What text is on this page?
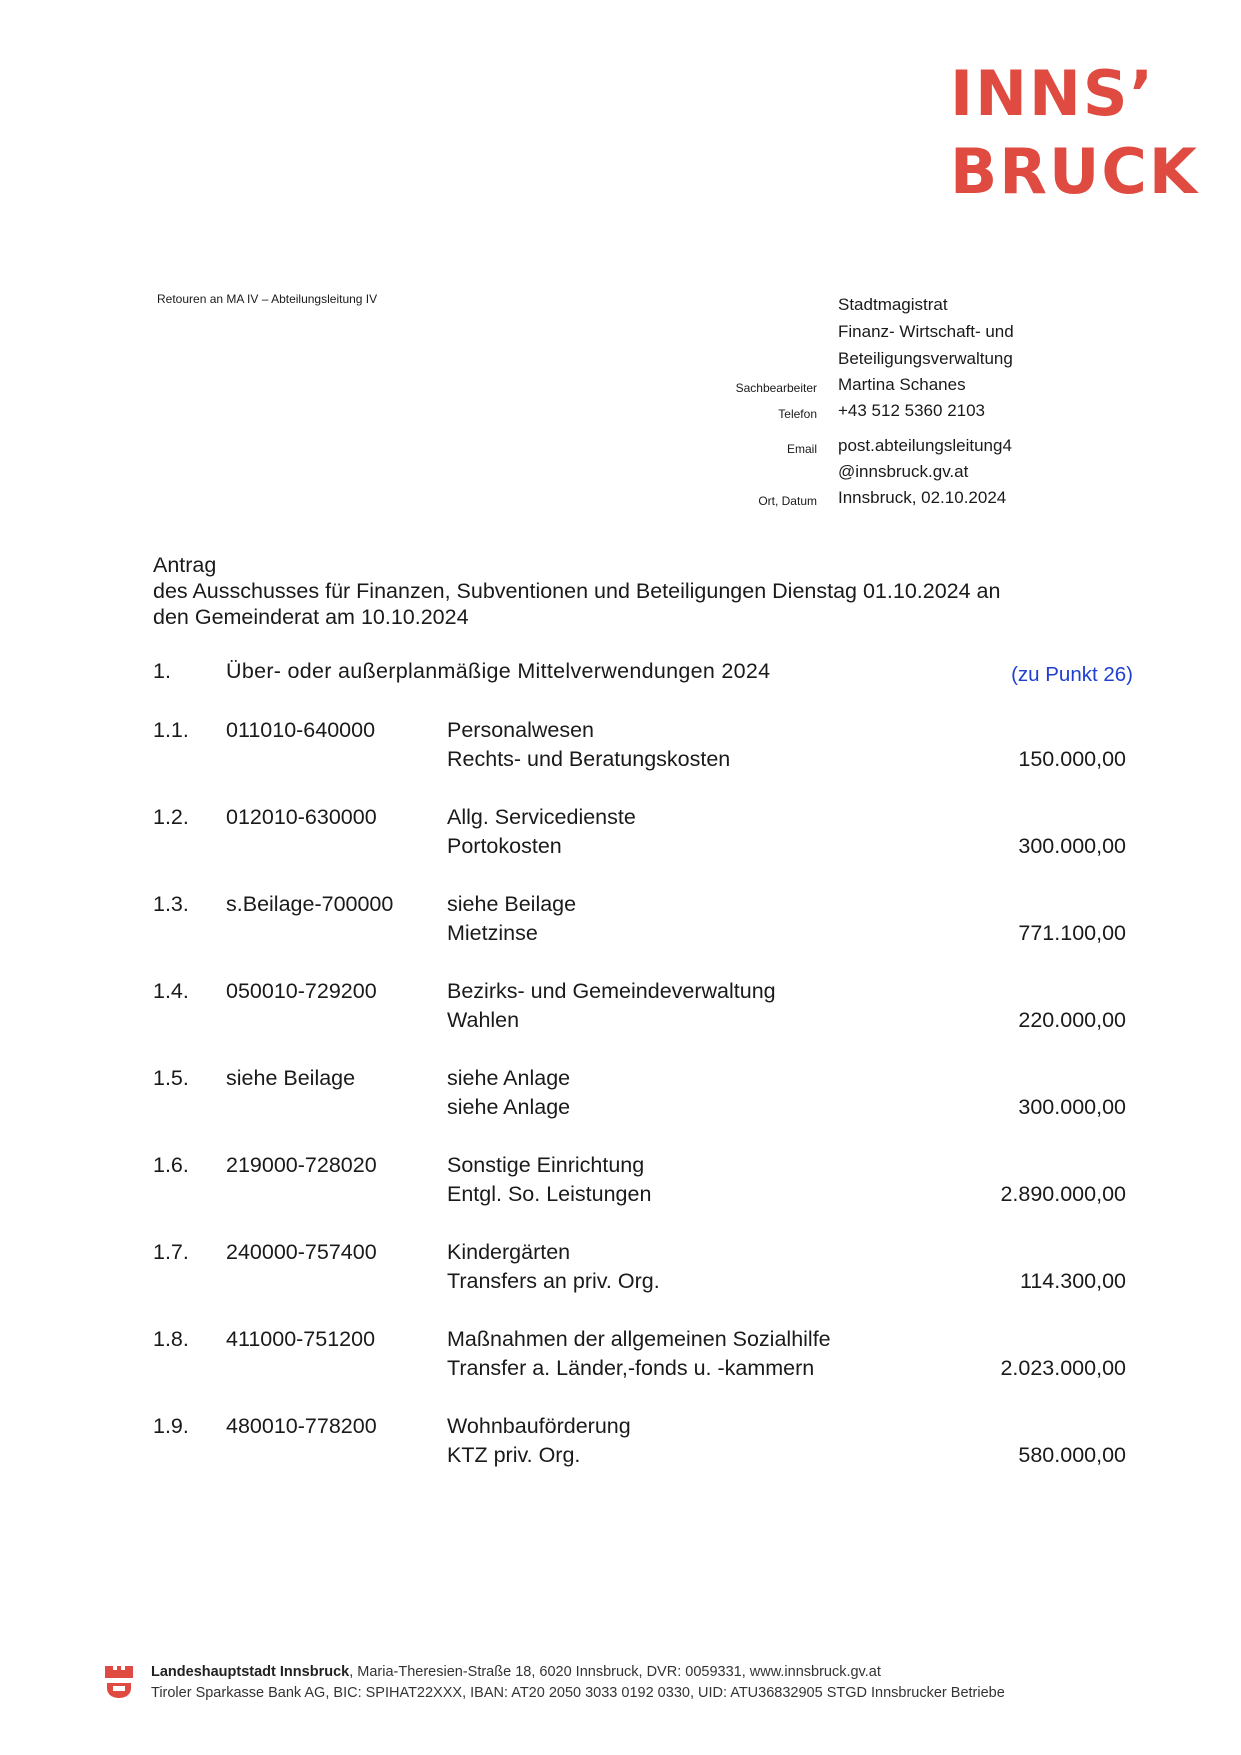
INNS’
BRUCK
Retouren an MA IV – Abteilungsleitung IV	Stadtmagistrat
Finanz- Wirtschaft- und
Beteiligungsverwaltung
Sachbearbeiter Martina Schanes
Telefon +43 512 5360 2103
Email post.abteilungsleitung4
@innsbruck.gv.at
Ort, Datum Innsbruck, 02.10.2024
Antrag
des Ausschusses für Finanzen, Subventionen und Beteiligungen Dienstag 01.10.2024 an
den Gemeinderat am 10.10.2024
1.	Über- oder außerplanmäßige Mittelverwendungen 2024	(zu Punkt 26)
1.1. 011010-640000	Personalwesen
Rechts- und Beratungskosten	150.000,00
1.2. 012010-630000	Allg. Servicedienste
Portokosten	300.000,00
1.3. s.Beilage-700000 siehe Beilage
Mietzinse	771.100,00
1.4. 050010-729200	Bezirks- und Gemeindeverwaltung
Wahlen	220.000,00
1.5. siehe Beilage	siehe Anlage
siehe Anlage	300.000,00
1.6. 219000-728020	Sonstige Einrichtung
Entgl. So. Leistungen	2.890.000,00
1.7. 240000-757400	Kindergärten
Transfers an priv. Org.	114.300,00
1.8. 411000-751200	Maßnahmen der allgemeinen Sozialhilfe
Transfer a. Länder,-fonds u. -kammern	2.023.000,00
1.9. 480010-778200	Wohnbauförderung
KTZ priv. Org.	580.000,00
Landeshauptstadt Innsbruck, Maria-Theresien-Straße 18, 6020 Innsbruck, DVR: 0059331, www.innsbruck.gv.at
Tiroler Sparkasse Bank AG, BIC: SPIHAT22XXX, IBAN: AT20 2050 3033 0192 0330, UID: ATU36832905 STGD Innsbrucker Betriebe
